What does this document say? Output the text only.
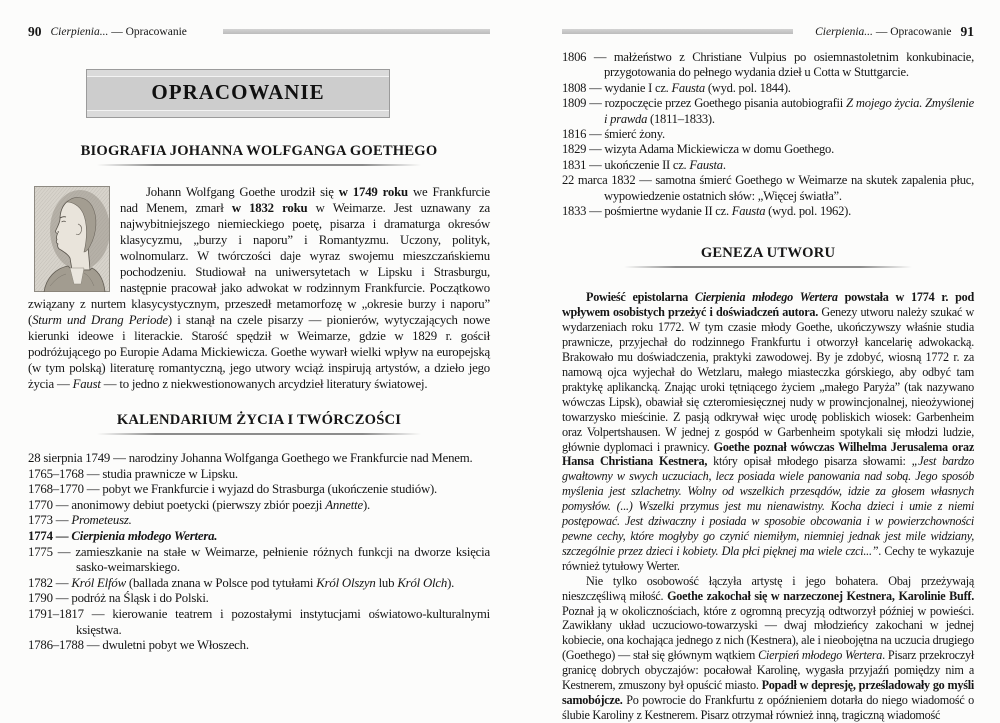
90 Cierpienia... — Opracowanie
OPRACOWANIE
BIOGRAFIA JOHANNA WOLFGANGA GOETHEGO
Johann Wolfgang Goethe urodził się w 1749 roku we Frankfurcie nad Menem, zmarł w 1832 roku w Weimarze. Jest uznawany za najwybitniejszego niemieckiego poetę, pisarza i dramaturga okresów klasycyzmu, „burzy i naporu” i Romantyzmu. Uczony, polityk, wolnomularz. W twórczości daje wyraz swojemu mieszczańskiemu pochodzeniu. Studiował na uniwersytetach w Lipsku i Strasburgu, następnie pracował jako adwokat w rodzinnym Frankfurcie. Początkowo związany z nurtem klasycystycznym, przeszedł metamorfozę w „okresie burzy i naporu” (Sturm und Drang Periode) i stanął na czele pisarzy — pionierów, wytyczających nowe kierunki ideowe i literackie. Starość spędził w Weimarze, gdzie w 1829 r. gościł podróżującego po Europie Adama Mickiewicza. Goethe wywarł wielki wpływ na europejską (w tym polską) literaturę romantyczną, jego utwory wciąż inspirują artystów, a dzieło jego życia — Faust — to jedno z niekwestionowanych arcydzieł literatury światowej.
KALENDARIUM ŻYCIA I TWÓRCZOŚCI
28 sierpnia 1749 — narodziny Johanna Wolfganga Goethego we Frankfurcie nad Menem.
1765–1768 — studia prawnicze w Lipsku.
1768–1770 — pobyt we Frankfurcie i wyjazd do Strasburga (ukończenie studiów).
1770 — anonimowy debiut poetycki (pierwszy zbiór poezji Annette).
1773 — Prometeusz.
1774 — Cierpienia młodego Wertera.
1775 — zamieszkanie na stałe w Weimarze, pełnienie różnych funkcji na dworze księcia sasko-weimarskiego.
1782 — Król Elfów (ballada znana w Polsce pod tytułami Król Olszyn lub Król Olch).
1790 — podróż na Śląsk i do Polski.
1791–1817 — kierowanie teatrem i pozostałymi instytucjami oświatowo-kulturalnymi księstwa.
1786–1788 — dwuletni pobyt we Włoszech.
Cierpienia... — Opracowanie 91
1806 — małżeństwo z Christiane Vulpius po osiemnastoletnim konkubinacie, przygotowania do pełnego wydania dzieł u Cotta w Stuttgarcie.
1808 — wydanie I cz. Fausta (wyd. pol. 1844).
1809 — rozpoczęcie przez Goethego pisania autobiografii Z mojego życia. Zmyślenie i prawda (1811–1833).
1816 — śmierć żony.
1829 — wizyta Adama Mickiewicza w domu Goethego.
1831 — ukończenie II cz. Fausta.
22 marca 1832 — samotna śmierć Goethego w Weimarze na skutek zapalenia płuc, wypowiedzenie ostatnich słów: „Więcej światła”.
1833 — pośmiertne wydanie II cz. Fausta (wyd. pol. 1962).
GENEZA UTWORU
Powieść epistolarna Cierpienia młodego Wertera powstała w 1774 r. pod wpływem osobistych przeżyć i doświadczeń autora. Genezy utworu należy szukać w wydarzeniach roku 1772. W tym czasie młody Goethe, ukończywszy właśnie studia prawnicze, przyjechał do rodzinnego Frankfurtu i otworzył kancelarię adwokacką. Brakowało mu doświadczenia, praktyki zawodowej. By je zdobyć, wiosną 1772 r. za namową ojca wyjechał do Wetzlaru, małego miasteczka górskiego, aby odbyć tam praktykę aplikancką. Znając uroki tętniącego życiem „małego Paryża” (tak nazywano wówczas Lipsk), obawiał się czteromiesięcznej nudy w prowincjonalnej, nieożywionej towarzysko mieścinie. Z pasją odkrywał więc urodę pobliskich wiosek: Garbenheim oraz Volpertshausen. W jednej z gospód w Garbenheim spotykali się młodzi ludzie, głównie dyplomaci i prawnicy. Goethe poznał wówczas Wilhelma Jerusalema oraz Hansa Christiana Kestnera, który opisał młodego pisarza słowami: „Jest bardzo gwałtowny w swych uczuciach, lecz posiada wiele panowania nad sobą. Jego sposób myślenia jest szlachetny. Wolny od wszelkich przesądów, idzie za głosem własnych pomysłów. (...) Wszelki przymus jest mu nienawistny. Kocha dzieci i umie z niemi postępować. Jest dziwaczny i posiada w sposobie obcowania i w powierzchowności pewne cechy, które mogłyby go czynić niemiłym, niemniej jednak jest mile widziany, szczególnie przez dzieci i kobiety. Dla płci pięknej ma wiele czci...”. Cechy te wykazuje również tytułowy Werter.
Nie tylko osobowość łączyła artystę i jego bohatera. Obaj przeżywają nieszczęśliwą miłość. Goethe zakochał się w narzeczonej Kestnera, Karolinie Buff. Poznał ją w okolicznościach, które z ogromną precyzją odtworzył później w powieści. Zawikłany układ uczuciowo-towarzyski — dwaj młodzieńcy zakochani w jednej kobiecie, ona kochająca jednego z nich (Kestnera), ale i nieobojętna na uczucia drugiego (Goethego) — stał się głównym wątkiem Cierpień młodego Wertera. Pisarz przekroczył granicę dobrych obyczajów: pocałował Karolinę, wygasła przyjaźń pomiędzy nim a Kestnerem, zmuszony był opuścić miasto. Popadł w depresję, prześladowały go myśli samobójcze. Po powrocie do Frankfurtu z opóźnieniem dotarła do niego wiadomość o ślubie Karoliny z Kestnerem. Pisarz otrzymał również inną, tragiczną wiadomość
